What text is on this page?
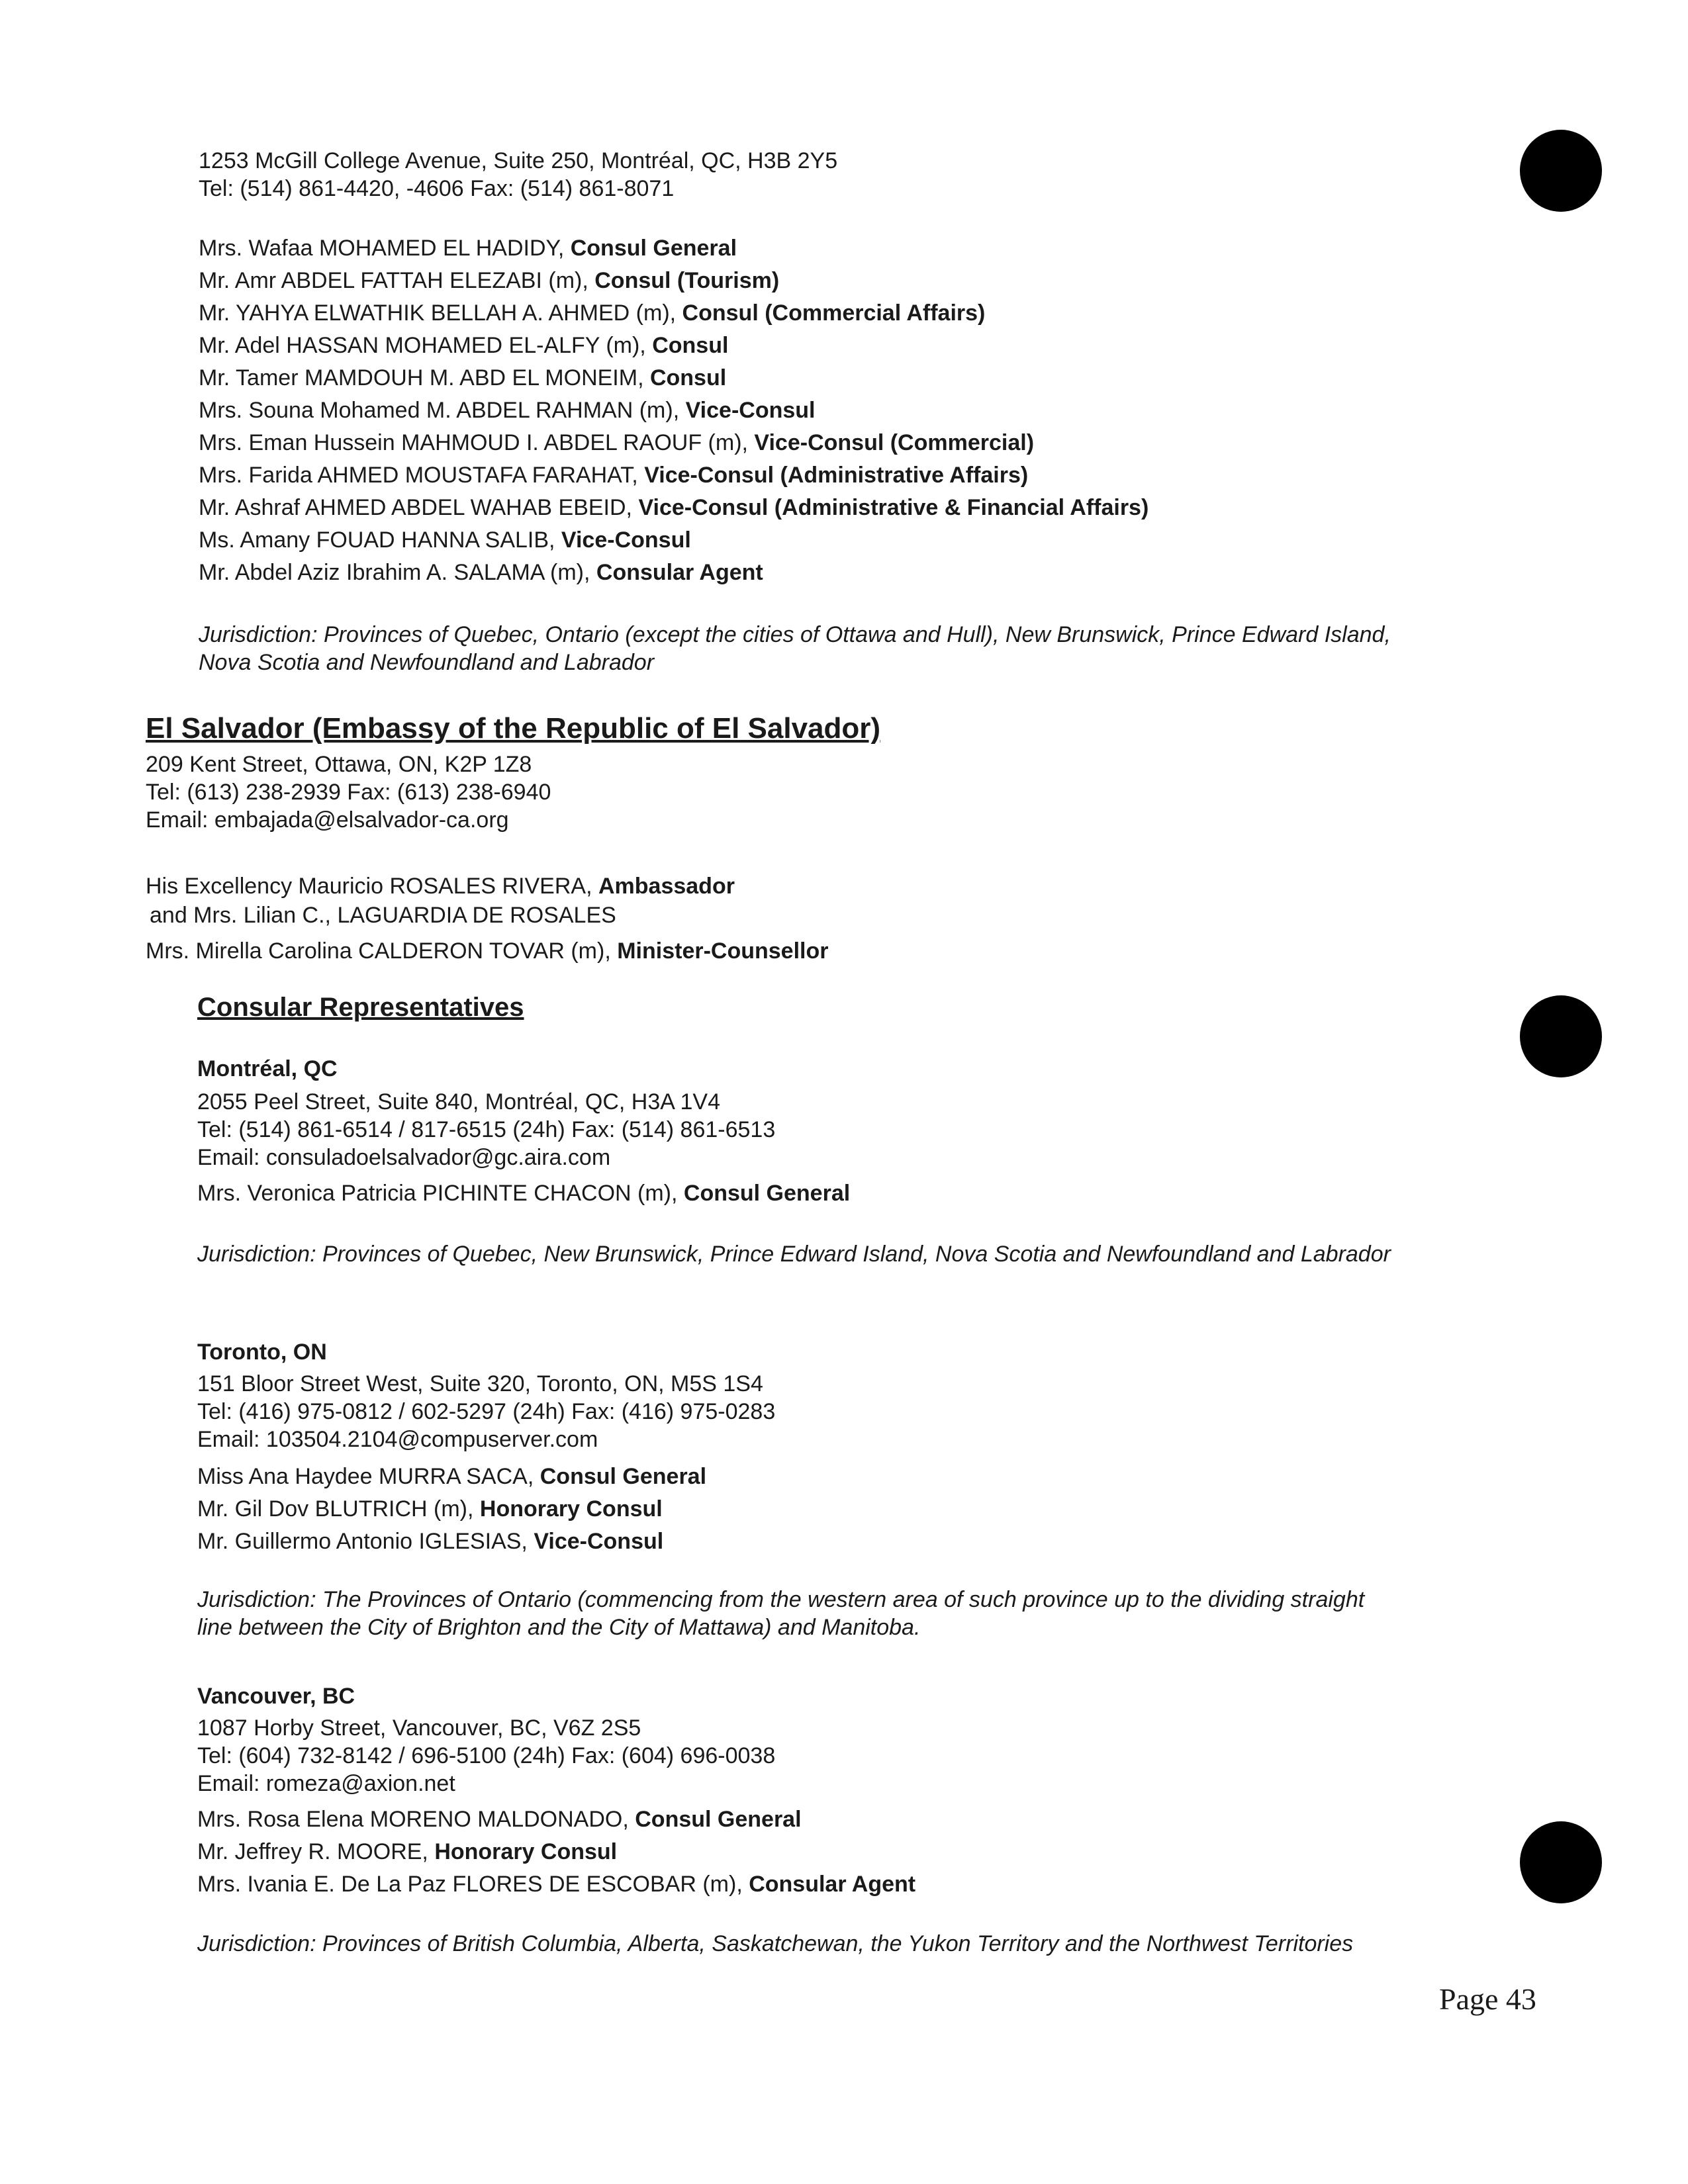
1253 McGill College Avenue, Suite 250, Montréal, QC, H3B 2Y5
Tel: (514) 861-4420, -4606 Fax: (514) 861-8071
Mrs. Wafaa MOHAMED EL HADIDY, Consul General
Mr. Amr ABDEL FATTAH ELEZABI (m), Consul (Tourism)
Mr. YAHYA ELWATHIK BELLAH A. AHMED (m), Consul (Commercial Affairs)
Mr. Adel HASSAN MOHAMED EL-ALFY (m), Consul
Mr. Tamer MAMDOUH M. ABD EL MONEIM, Consul
Mrs. Souna Mohamed M. ABDEL RAHMAN (m), Vice-Consul
Mrs. Eman Hussein MAHMOUD I. ABDEL RAOUF (m), Vice-Consul (Commercial)
Mrs. Farida AHMED MOUSTAFA FARAHAT, Vice-Consul (Administrative Affairs)
Mr. Ashraf AHMED ABDEL WAHAB EBEID, Vice-Consul (Administrative & Financial Affairs)
Ms. Amany FOUAD HANNA SALIB, Vice-Consul
Mr. Abdel Aziz Ibrahim A. SALAMA (m), Consular Agent
Jurisdiction: Provinces of Quebec, Ontario (except the cities of Ottawa and Hull), New Brunswick, Prince Edward Island,
Nova Scotia and Newfoundland and Labrador
El Salvador (Embassy of the Republic of El Salvador)
209 Kent Street, Ottawa, ON, K2P 1Z8
Tel: (613) 238-2939 Fax: (613) 238-6940
Email: embajada@elsalvador-ca.org
His Excellency Mauricio ROSALES RIVERA, Ambassador
and Mrs. Lilian C., LAGUARDIA DE ROSALES
Mrs. Mirella Carolina CALDERON TOVAR (m), Minister-Counsellor
Consular Representatives
Montréal, QC
2055 Peel Street, Suite 840, Montréal, QC, H3A 1V4
Tel: (514) 861-6514 / 817-6515 (24h) Fax: (514) 861-6513
Email: consuladoelsalvador@gc.aira.com
Mrs. Veronica Patricia PICHINTE CHACON (m), Consul General
Jurisdiction: Provinces of Quebec, New Brunswick, Prince Edward Island, Nova Scotia and Newfoundland and Labrador
Toronto, ON
151 Bloor Street West, Suite 320, Toronto, ON, M5S 1S4
Tel: (416) 975-0812 / 602-5297 (24h) Fax: (416) 975-0283
Email: 103504.2104@compuserver.com
Miss Ana Haydee MURRA SACA, Consul General
Mr. Gil Dov BLUTRICH (m), Honorary Consul
Mr. Guillermo Antonio IGLESIAS, Vice-Consul
Jurisdiction: The Provinces of Ontario (commencing from the western area of such province up to the dividing straight
line between the City of Brighton and the City of Mattawa) and Manitoba.
Vancouver, BC
1087 Horby Street, Vancouver, BC, V6Z 2S5
Tel: (604) 732-8142 / 696-5100 (24h) Fax: (604) 696-0038
Email: romeza@axion.net
Mrs. Rosa Elena MORENO MALDONADO, Consul General
Mr. Jeffrey R. MOORE, Honorary Consul
Mrs. Ivania E. De La Paz FLORES DE ESCOBAR (m), Consular Agent
Jurisdiction: Provinces of British Columbia, Alberta, Saskatchewan, the Yukon Territory and the Northwest Territories
Page 43
